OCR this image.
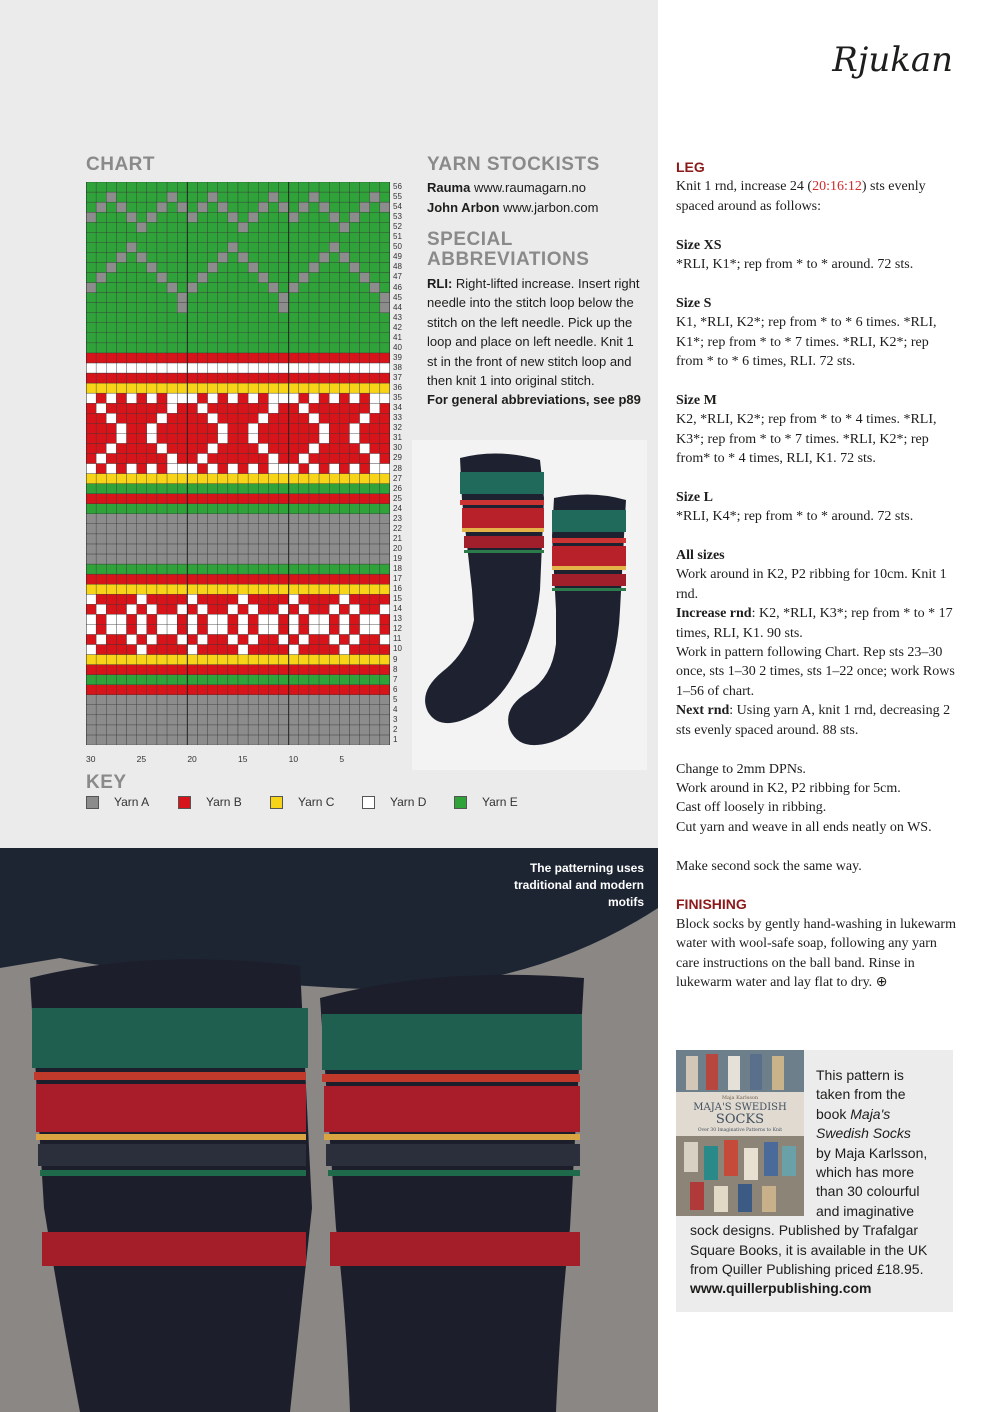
Rjukan
CHART
56
55
54
53
52
51
50
49
48
47
46
45
44
43
42
41
40
39
38
37
36
35
34
33
32
31
30
29
28
27
26
25
24
23
22
21
20
19
18
17
16
15
14
13
12
11
10
9
8
7
6
5
4
3
2
1
30	25	20	15	10	5
KEY
Yarn A	Yarn B	Yarn C	Yarn D	Yarn E
YARN STOCKISTS
Rauma www.raumagarn.no
John Arbon www.jarbon.com
SPECIAL
ABBREVIATIONS
RLI: Right-lifted increase. Insert right needle into the stitch loop below the stitch on the left needle. Pick up the loop and place on left needle. Knit 1 st in the front of new stitch loop and then knit 1 into original stitch.
For general abbreviations, see p89
The patterning uses traditional and modern motifs
LEG
Knit 1 rnd, increase 24 (20:16:12) sts evenly spaced around as follows:
Size XS
*RLI, K1*; rep from * to * around. 72 sts.
Size S
K1, *RLI, K2*; rep from * to * 6 times. *RLI, K1*; rep from * to * 7 times. *RLI, K2*; rep from * to * 6 times, RLI. 72 sts.
Size M
K2, *RLI, K2*; rep from * to * 4 times. *RLI, K3*; rep from * to * 7 times. *RLI, K2*; rep from* to * 4 times, RLI, K1. 72 sts.
Size L
*RLI, K4*; rep from * to * around. 72 sts.
All sizes
Work around in K2, P2 ribbing for 10cm. Knit 1 rnd.
Increase rnd: K2, *RLI, K3*; rep from * to * 17 times, RLI, K1. 90 sts.
Work in pattern following Chart. Rep sts 23–30 once, sts 1–30 2 times, sts 1–22 once; work Rows 1–56 of chart.
Next rnd: Using yarn A, knit 1 rnd, decreasing 2 sts evenly spaced around. 88 sts.
Change to 2mm DPNs.
Work around in K2, P2 ribbing for 5cm.
Cast off loosely in ribbing.
Cut yarn and weave in all ends neatly on WS.
Make second sock the same way.
FINISHING
Block socks by gently hand-washing in lukewarm water with wool-safe soap, following any yarn care instructions on the ball band. Rinse in lukewarm water and lay flat to dry. ⊕
Maja Karlsson
MAJA'S SWEDISH
SOCKS
Over 30 Imaginative Patterns to Knit
This pattern is
taken from the
book Maja's
Swedish Socks
by Maja Karlsson,
which has more
than 30 colourful
and imaginative
sock designs. Published by Trafalgar Square Books, it is available in the UK from Quiller Publishing priced £18.95.
www.quillerpublishing.com
